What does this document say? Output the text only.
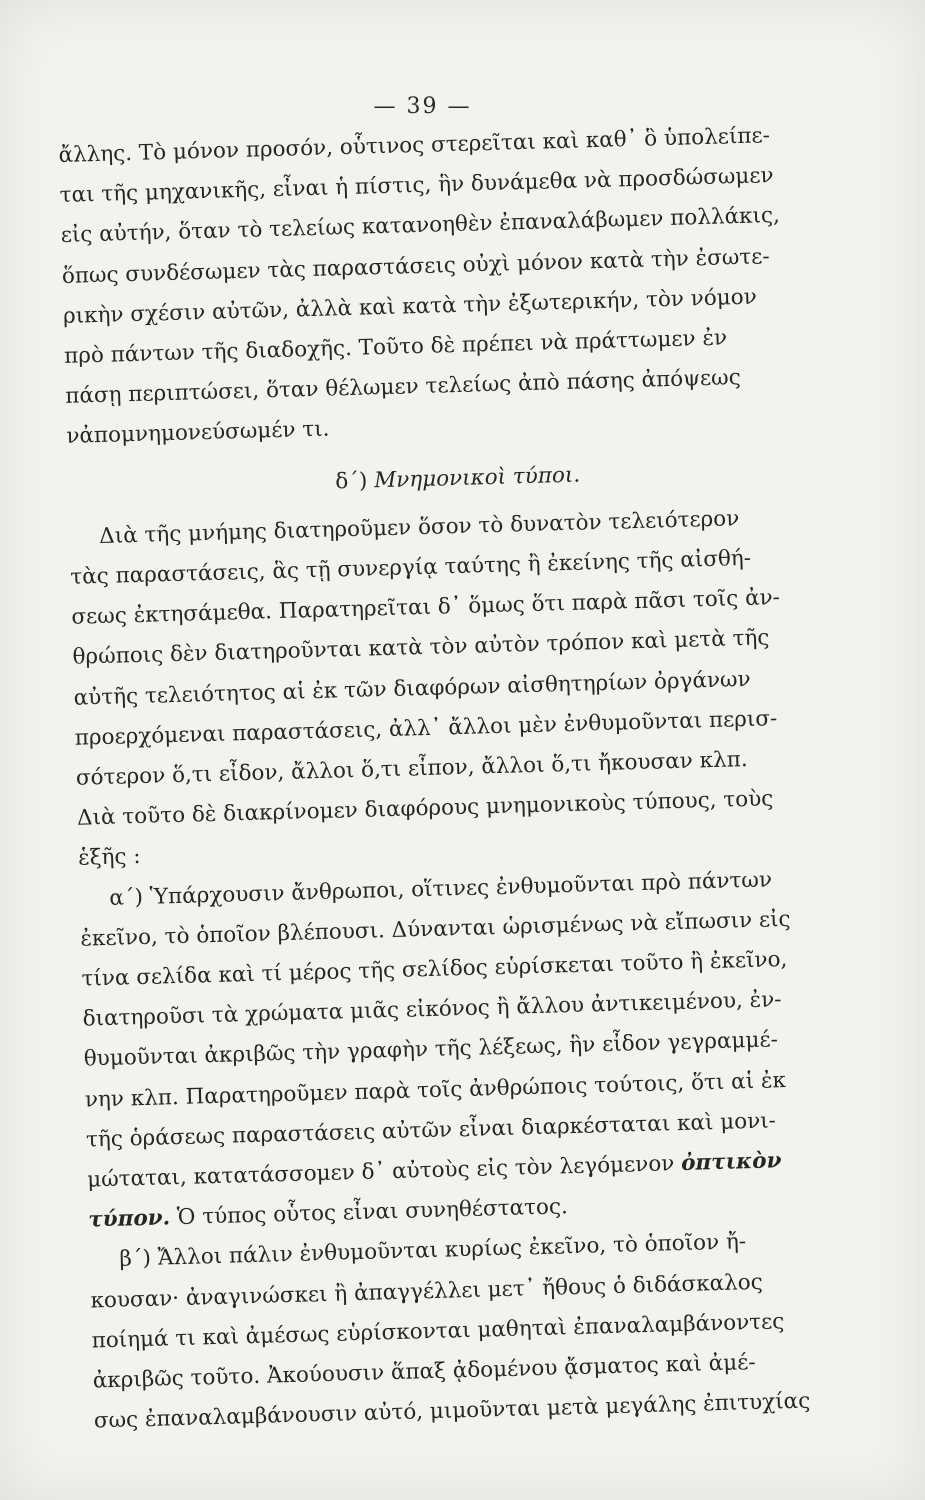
— 39 —
ἄλλης. Τὸ μόνον προσόν, οὗτινος στερεῖται καὶ καθ᾽ ὃ ὑπολείπε-
ται τῆς μηχανικῆς, εἶναι ἡ πίστις, ἣν δυνάμεθα νὰ προσδώσωμεν
εἰς αὐτήν, ὅταν τὸ τελείως κατανοηθὲν ἐπαναλάβωμεν πολλάκις,
ὅπως συνδέσωμεν τὰς παραστάσεις οὐχὶ μόνον κατὰ τὴν ἐσωτε-
ρικὴν σχέσιν αὐτῶν, ἀλλὰ καὶ κατὰ τὴν ἐξωτερικήν, τὸν νόμον
πρὸ πάντων τῆς διαδοχῆς. Τοῦτο δὲ πρέπει νὰ πράττωμεν ἐν
πάσῃ περιπτώσει, ὅταν θέλωμεν τελείως ἀπὸ πάσης ἀπόψεως
νἀπομνημονεύσωμέν τι.
δ΄) Μνημονικοὶ τύποι.
Διὰ τῆς μνήμης διατηροῦμεν ὅσον τὸ δυνατὸν τελειότερον
τὰς παραστάσεις, ἃς τῇ συνεργίᾳ ταύτης ἢ ἐκείνης τῆς αἰσθή-
σεως ἐκτησάμεθα. Παρατηρεῖται δ᾽ ὅμως ὅτι παρὰ πᾶσι τοῖς ἀν-
θρώποις δὲν διατηροῦνται κατὰ τὸν αὐτὸν τρόπον καὶ μετὰ τῆς
αὐτῆς τελειότητος αἱ ἐκ τῶν διαφόρων αἰσθητηρίων ὀργάνων
προερχόμεναι παραστάσεις, ἀλλ᾽ ἄλλοι μὲν ἐνθυμοῦνται περισ-
σότερον ὅ,τι εἶδον, ἄλλοι ὅ,τι εἶπον, ἄλλοι ὅ,τι ἤκουσαν κλπ.
Διὰ τοῦτο δὲ διακρίνομεν διαφόρους μνημονικοὺς τύπους, τοὺς
ἑξῆς :
α΄) Ὑπάρχουσιν ἄνθρωποι, οἵτινες ἐνθυμοῦνται πρὸ πάντων
ἐκεῖνο, τὸ ὁποῖον βλέπουσι. Δύνανται ὡρισμένως νὰ εἴπωσιν εἰς
τίνα σελίδα καὶ τί μέρος τῆς σελίδος εὑρίσκεται τοῦτο ἢ ἐκεῖνο,
διατηροῦσι τὰ χρώματα μιᾶς εἰκόνος ἢ ἄλλου ἀντικειμένου, ἐν-
θυμοῦνται ἀκριβῶς τὴν γραφὴν τῆς λέξεως, ἣν εἶδον γεγραμμέ-
νην κλπ. Παρατηροῦμεν παρὰ τοῖς ἀνθρώποις τούτοις, ὅτι αἱ ἐκ
τῆς ὁράσεως παραστάσεις αὐτῶν εἶναι διαρκέσταται καὶ μονι-
μώταται, κατατάσσομεν δ᾽ αὐτοὺς εἰς τὸν λεγόμενον ὀπτικὸν
τύπον. Ὁ τύπος οὗτος εἶναι συνηθέστατος.
β΄) Ἄλλοι πάλιν ἐνθυμοῦνται κυρίως ἐκεῖνο, τὸ ὁποῖον ἤ-
κουσαν· ἀναγινώσκει ἢ ἀπαγγέλλει μετ᾽ ἤθους ὁ διδάσκαλος
ποίημά τι καὶ ἀμέσως εὑρίσκονται μαθηταὶ ἐπαναλαμβάνοντες
ἀκριβῶς τοῦτο. Ἀκούουσιν ἅπαξ ᾀδομένου ᾄσματος καὶ ἀμέ-
σως ἐπαναλαμβάνουσιν αὐτό, μιμοῦνται μετὰ μεγάλης ἐπιτυχίας
